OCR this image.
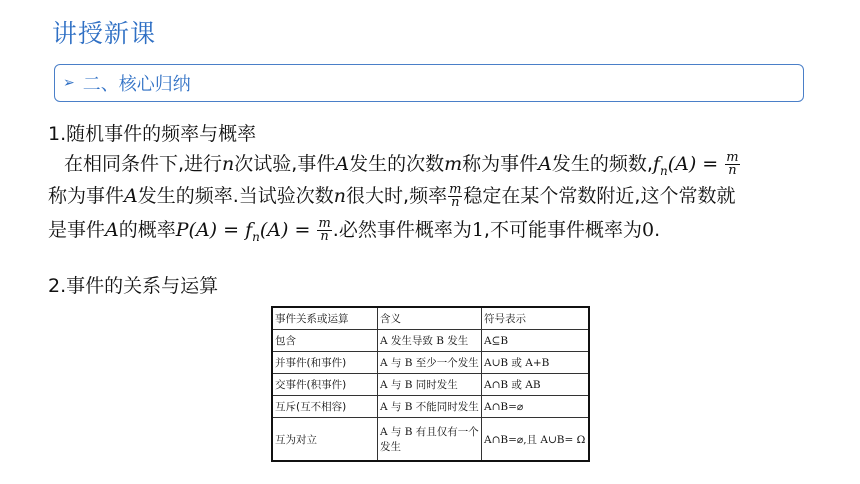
讲授新课
➢ 二、核心归纳
1.随机事件的频率与概率
在相同条件下,进行n次试验,事件A发生的次数m称为事件A发生的频数$,f_n(A) = \frac{m}{n}$
称为事件A发生的频率.当试验次数n很大时,频率 $\frac{m}{n}$ 稳定在某个常数附近,这个常数就
是事件A的概率$P(A) = f_n(A) = \frac{m}{n}$ .必然事件概率为1,不可能事件概率为0.
2.事件的关系与运算
事件关系或运算	含义	符号表示
包含	A 发生导致 B 发生	A⊆B
并事件(和事件)	A 与 B 至少一个发生	A∪B 或 A+B
交事件(积事件)	A 与 B 同时发生	A∩B 或 AB
互斥(互不相容)	A 与 B 不能同时发生	A∩B=⌀
互为对立	A 与 B 有且仅有一个发生	A∩B=⌀,且 A∪B= Ω
